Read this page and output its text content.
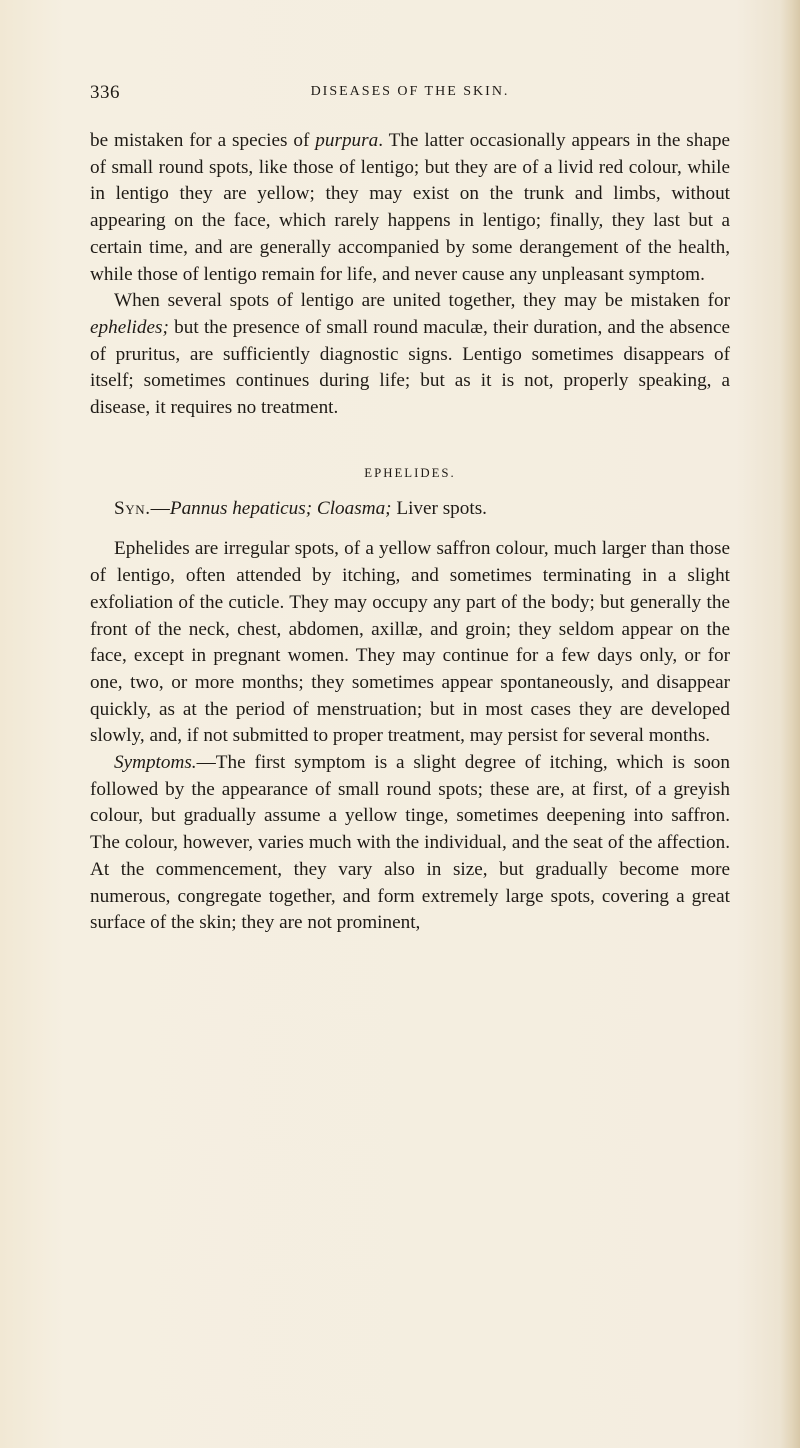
336	DISEASES OF THE SKIN.

be mistaken for a species of purpura. The latter occasionally appears in the shape of small round spots, like those of lentigo; but they are of a livid red colour, while in lentigo they are yellow; they may exist on the trunk and limbs, without appearing on the face, which rarely happens in lentigo; finally, they last but a certain time, and are generally accompanied by some derangement of the health, while those of lentigo remain for life, and never cause any unpleasant symptom.

When several spots of lentigo are united together, they may be mistaken for ephelides; but the presence of small round maculæ, their duration, and the absence of pruritus, are sufficiently diagnostic signs. Lentigo sometimes disappears of itself; sometimes continues during life; but as it is not, properly speaking, a disease, it requires no treatment.

EPHELIDES.

Syn.—Pannus hepaticus; Cloasma; Liver spots.

Ephelides are irregular spots, of a yellow saffron colour, much larger than those of lentigo, often attended by itching, and sometimes terminating in a slight exfoliation of the cuticle. They may occupy any part of the body; but generally the front of the neck, chest, abdomen, axillæ, and groin; they seldom appear on the face, except in pregnant women. They may continue for a few days only, or for one, two, or more months; they sometimes appear spontaneously, and disappear quickly, as at the period of menstruation; but in most cases they are developed slowly, and, if not submitted to proper treatment, may persist for several months.

Symptoms.—The first symptom is a slight degree of itching, which is soon followed by the appearance of small round spots; these are, at first, of a greyish colour, but gradually assume a yellow tinge, sometimes deepening into saffron. The colour, however, varies much with the individual, and the seat of the affection. At the commencement, they vary also in size, but gradually become more numerous, congregate together, and form extremely large spots, covering a great surface of the skin; they are not prominent,
